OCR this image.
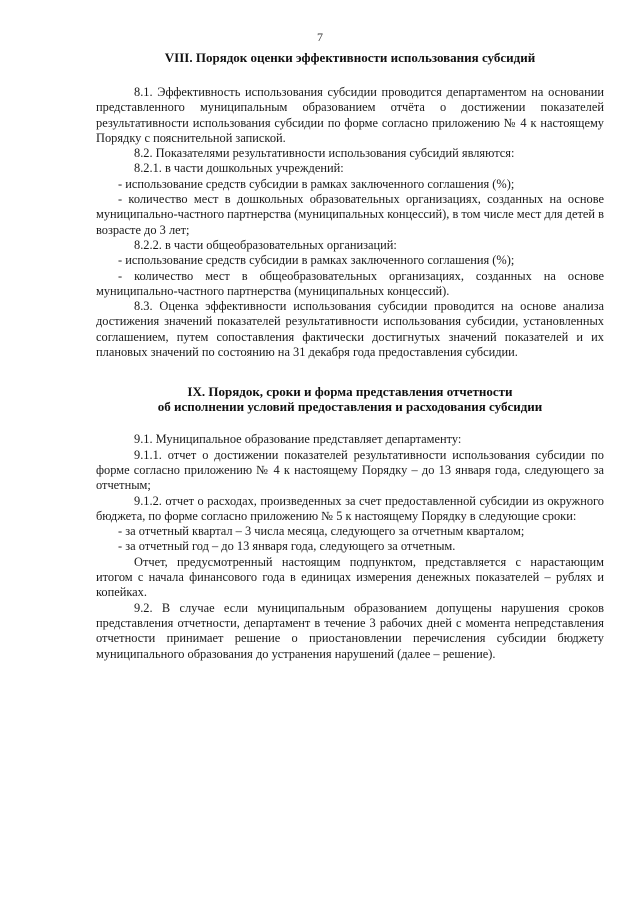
7
VIII. Порядок оценки эффективности использования субсидий

8.1. Эффективность использования субсидии проводится департаментом на основании представленного муниципальным образованием отчёта о достижении показателей результативности использования субсидии по форме согласно приложению № 4 к настоящему Порядку с пояснительной запиской.

8.2. Показателями результативности использования субсидий являются:

8.2.1. в части дошкольных учреждений:

- использование средств субсидии в рамках заключенного соглашения (%);

- количество мест в дошкольных образовательных организациях, созданных на основе муниципально-частного партнерства (муниципальных концессий), в том числе мест для детей в возрасте до 3 лет;

8.2.2. в части общеобразовательных организаций:

- использование средств субсидии в рамках заключенного соглашения (%);

- количество мест в общеобразовательных организациях, созданных на основе муниципально-частного партнерства (муниципальных концессий).

8.3. Оценка эффективности использования субсидии проводится на основе анализа достижения значений показателей результативности использования субсидии, установленных соглашением, путем сопоставления фактически достигнутых значений показателей и их плановых значений по состоянию на 31 декабря года предоставления субсидии.

IX. Порядок, сроки и форма представления отчетности
об исполнении условий предоставления и расходования субсидии

9.1. Муниципальное образование представляет департаменту:

9.1.1. отчет о достижении показателей результативности использования субсидии по форме согласно приложению № 4 к настоящему Порядку – до 13 января года, следующего за отчетным;

9.1.2. отчет о расходах, произведенных за счет предоставленной субсидии из окружного бюджета, по форме согласно приложению № 5 к настоящему Порядку в следующие сроки:

- за отчетный квартал – 3 числа месяца, следующего за отчетным кварталом;

- за отчетный год – до 13 января года, следующего за отчетным.

Отчет, предусмотренный настоящим подпунктом, представляется с нарастающим итогом с начала финансового года в единицах измерения денежных показателей – рублях и копейках.

9.2. В случае если муниципальным образованием допущены нарушения сроков представления отчетности, департамент в течение 3 рабочих дней с момента непредставления отчетности принимает решение о приостановлении перечисления субсидии бюджету муниципального образования до устранения нарушений (далее – решение).
